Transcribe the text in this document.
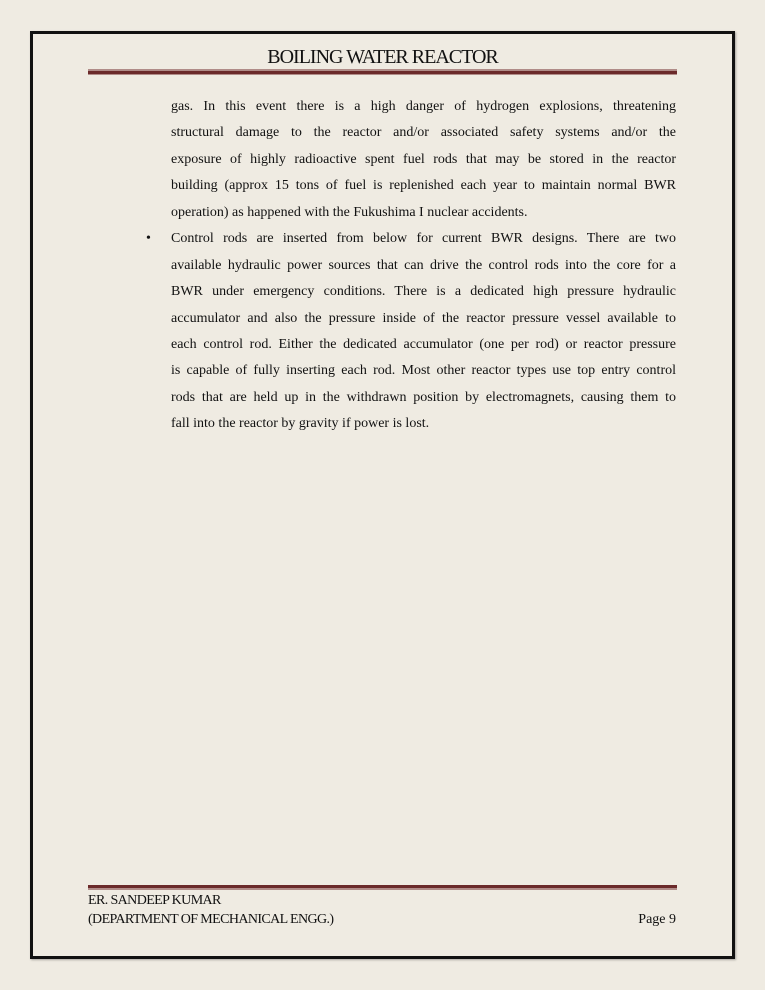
BOILING WATER REACTOR
gas. In this event there is a high danger of hydrogen explosions, threatening
structural damage to the reactor and/or associated safety systems and/or the
exposure of highly radioactive spent fuel rods that may be stored in the reactor
building (approx 15 tons of fuel is replenished each year to maintain normal BWR
operation) as happened with the Fukushima I nuclear accidents.
Control rods are inserted from below for current BWR designs. There are two
available hydraulic power sources that can drive the control rods into the core for a
BWR under emergency conditions. There is a dedicated high pressure hydraulic
accumulator and also the pressure inside of the reactor pressure vessel available to
each control rod. Either the dedicated accumulator (one per rod) or reactor pressure
is capable of fully inserting each rod. Most other reactor types use top entry control
rods that are held up in the withdrawn position by electromagnets, causing them to
fall into the reactor by gravity if power is lost.
•
ER. SANDEEP KUMAR
(DEPARTMENT OF MECHANICAL ENGG.)	Page 9
